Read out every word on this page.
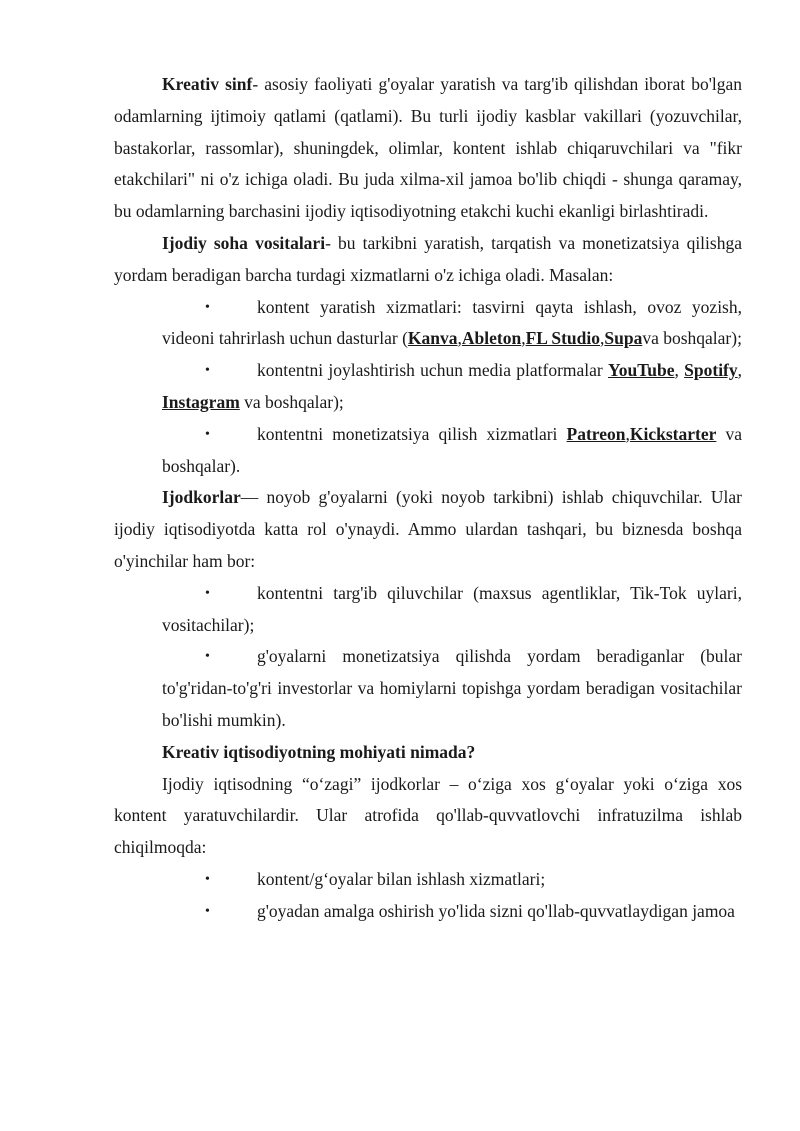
Kreativ sinf- asosiy faoliyati g'oyalar yaratish va targ'ib qilishdan iborat bo'lgan odamlarning ijtimoiy qatlami (qatlami). Bu turli ijodiy kasblar vakillari (yozuvchilar, bastakorlar, rassomlar), shuningdek, olimlar, kontent ishlab chiqaruvchilari va "fikr etakchilari" ni o'z ichiga oladi. Bu juda xilma-xil jamoa bo'lib chiqdi - shunga qaramay, bu odamlarning barchasini ijodiy iqtisodiyotning etakchi kuchi ekanligi birlashtiradi.

Ijodiy soha vositalari- bu tarkibni yaratish, tarqatish va monetizatsiya qilishga yordam beradigan barcha turdagi xizmatlarni o'z ichiga oladi. Masalan:

•	kontent yaratish xizmatlari: tasvirni qayta ishlash, ovoz yozish, videoni tahrirlash uchun dasturlar (Kanva,Ableton,FL Studio,Supava boshqalar);

•	kontentni joylashtirish uchun media platformalar YouTube, Spotify, Instagram va boshqalar);

•	kontentni monetizatsiya qilish xizmatlari Patreon,Kickstarter va boshqalar).

Ijodkorlar— noyob g'oyalarni (yoki noyob tarkibni) ishlab chiquvchilar. Ular ijodiy iqtisodiyotda katta rol o'ynaydi. Ammo ulardan tashqari, bu biznesda boshqa o'yinchilar ham bor:

•	kontentni targ'ib qiluvchilar (maxsus agentliklar, Tik-Tok uylari, vositachilar);

•	g'oyalarni monetizatsiya qilishda yordam beradiganlar (bular to'g'ridan-to'g'ri investorlar va homiylarni topishga yordam beradigan vositachilar bo'lishi mumkin).

Kreativ iqtisodiyotning mohiyati nimada?

Ijodiy iqtisodning “o‘zagi” ijodkorlar – o‘ziga xos g‘oyalar yoki o‘ziga xos kontent yaratuvchilardir. Ular atrofida qo'llab-quvvatlovchi infratuzilma ishlab chiqilmoqda:

•	kontent/g‘oyalar bilan ishlash xizmatlari;

•	g'oyadan amalga oshirish yo'lida sizni qo'llab-quvvatlaydigan jamoa
